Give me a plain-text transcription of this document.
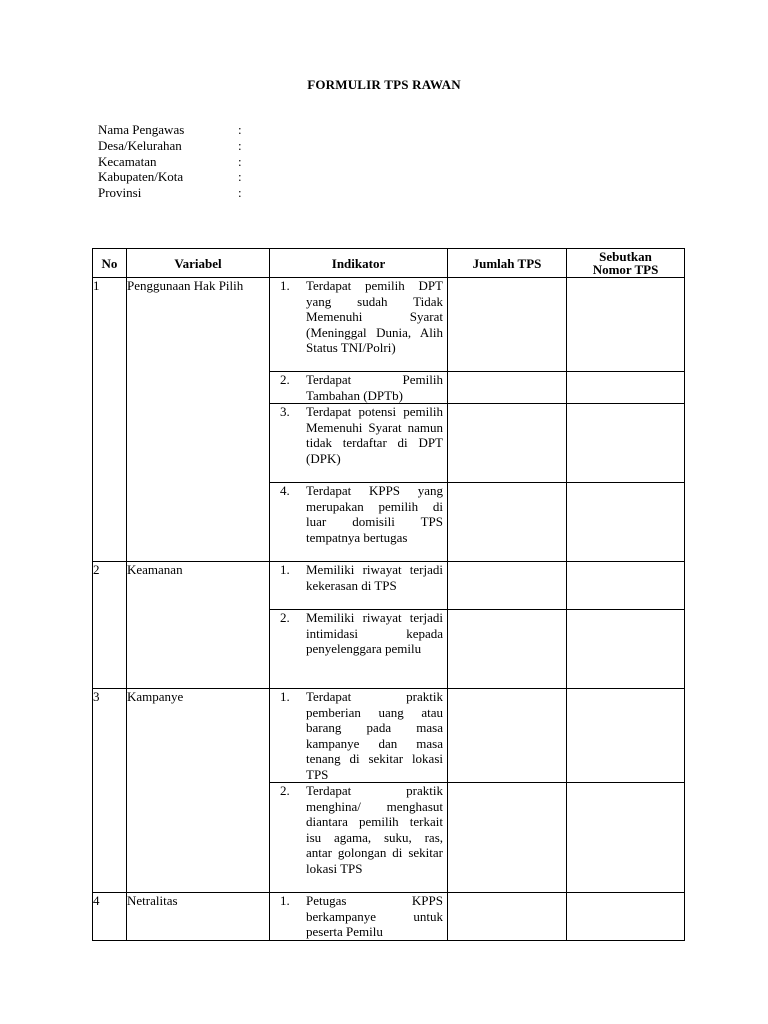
FORMULIR TPS RAWAN
Nama Pengawas	:
Desa/Kelurahan	:
Kecamatan	:
Kabupaten/Kota	:
Provinsi	:
No	Variabel	Indikator	Jumlah TPS	Sebutkan
Nomor TPS

1	Penggunaan Hak Pilih	1. Terdapat pemilih DPT yang sudah Tidak Memenuhi Syarat (Meninggal Dunia, Alih Status TNI/Polri)		

		2. Terdapat Pemilih Tambahan (DPTb)		

		3. Terdapat potensi pemilih Memenuhi Syarat namun tidak terdaftar di DPT (DPK)		

		4. Terdapat KPPS yang merupakan pemilih di luar domisili TPS tempatnya bertugas		

2	Keamanan	1. Memiliki riwayat terjadi kekerasan di TPS		

		2. Memiliki riwayat terjadi intimidasi kepada penyelenggara pemilu		

3	Kampanye	1. Terdapat praktik pemberian uang atau barang pada masa kampanye dan masa tenang di sekitar lokasi TPS		

		2. Terdapat praktik menghina/ menghasut diantara pemilih terkait isu agama, suku, ras, antar golongan di sekitar lokasi TPS		

4	Netralitas	1. Petugas KPPS berkampanye untuk peserta Pemilu		
